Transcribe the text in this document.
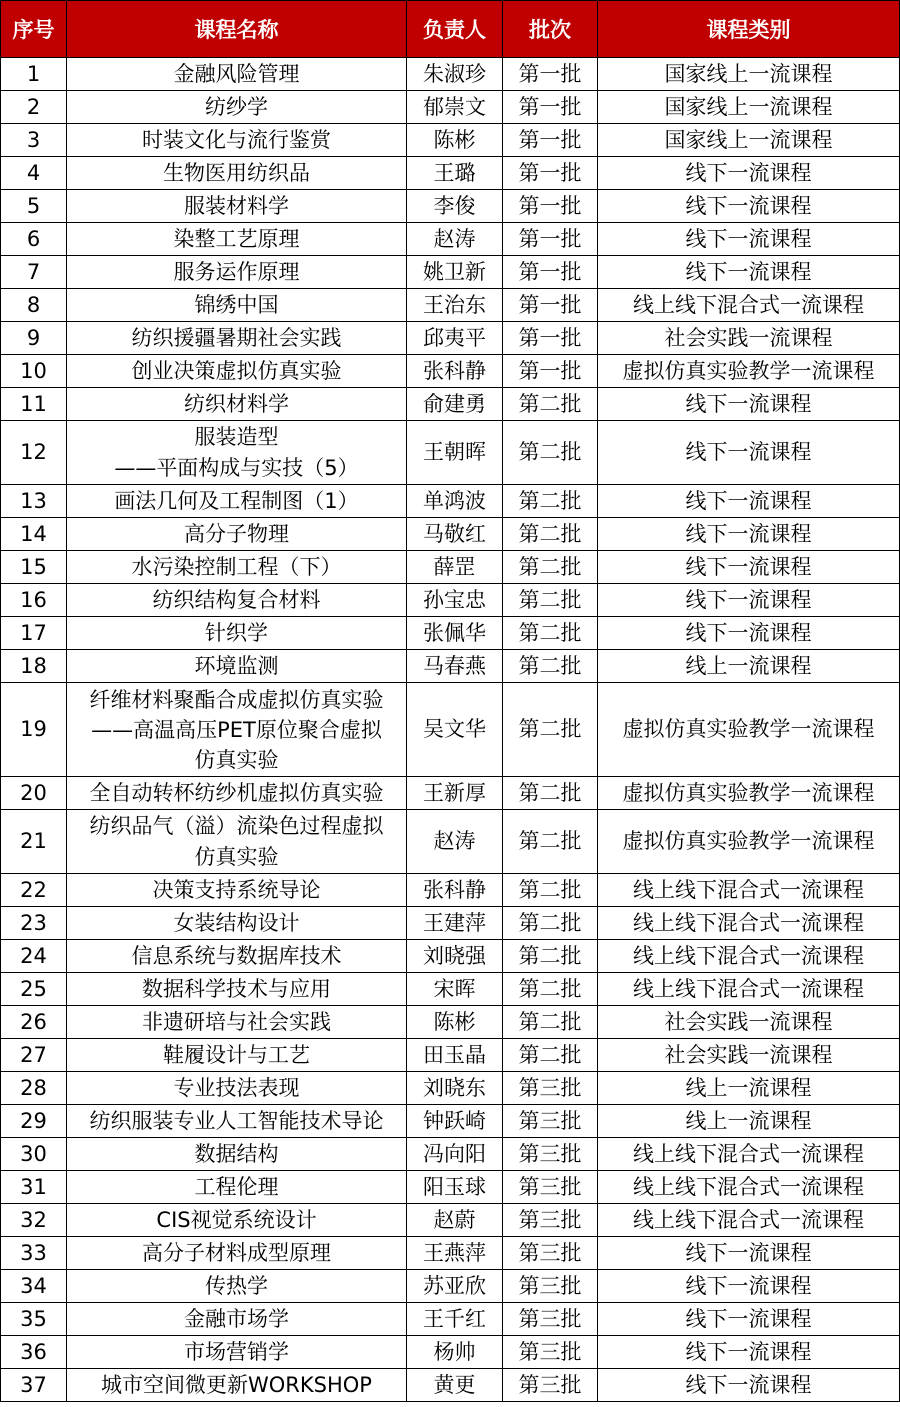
序号	课程名称	负责人	批次	课程类别
1	金融风险管理	朱淑珍	第一批	国家线上一流课程
2	纺纱学	郁崇文	第一批	国家线上一流课程
3	时装文化与流行鉴赏	陈彬	第一批	国家线上一流课程
4	生物医用纺织品	王璐	第一批	线下一流课程
5	服装材料学	李俊	第一批	线下一流课程
6	染整工艺原理	赵涛	第一批	线下一流课程
7	服务运作原理	姚卫新	第一批	线下一流课程
8	锦绣中国	王治东	第一批	线上线下混合式一流课程
9	纺织援疆暑期社会实践	邱夷平	第一批	社会实践一流课程
10	创业决策虚拟仿真实验	张科静	第一批	虚拟仿真实验教学一流课程
11	纺织材料学	俞建勇	第二批	线下一流课程
12	服装造型
——平面构成与实技（5）	王朝晖	第二批	线下一流课程
13	画法几何及工程制图（1）	单鸿波	第二批	线下一流课程
14	高分子物理	马敬红	第二批	线下一流课程
15	水污染控制工程（下）	薛罡	第二批	线下一流课程
16	纺织结构复合材料	孙宝忠	第二批	线下一流课程
17	针织学	张佩华	第二批	线下一流课程
18	环境监测	马春燕	第二批	线上一流课程
19	纤维材料聚酯合成虚拟仿真实验
——高温高压PET原位聚合虚拟
仿真实验	吴文华	第二批	虚拟仿真实验教学一流课程
20	全自动转杯纺纱机虚拟仿真实验	王新厚	第二批	虚拟仿真实验教学一流课程
21	纺织品气（溢）流染色过程虚拟
仿真实验	赵涛	第二批	虚拟仿真实验教学一流课程
22	决策支持系统导论	张科静	第二批	线上线下混合式一流课程
23	女装结构设计	王建萍	第二批	线上线下混合式一流课程
24	信息系统与数据库技术	刘晓强	第二批	线上线下混合式一流课程
25	数据科学技术与应用	宋晖	第二批	线上线下混合式一流课程
26	非遗研培与社会实践	陈彬	第二批	社会实践一流课程
27	鞋履设计与工艺	田玉晶	第二批	社会实践一流课程
28	专业技法表现	刘晓东	第三批	线上一流课程
29	纺织服装专业人工智能技术导论	钟跃崎	第三批	线上一流课程
30	数据结构	冯向阳	第三批	线上线下混合式一流课程
31	工程伦理	阳玉球	第三批	线上线下混合式一流课程
32	CIS视觉系统设计	赵蔚	第三批	线上线下混合式一流课程
33	高分子材料成型原理	王燕萍	第三批	线下一流课程
34	传热学	苏亚欣	第三批	线下一流课程
35	金融市场学	王千红	第三批	线下一流课程
36	市场营销学	杨帅	第三批	线下一流课程
37	城市空间微更新WORKSHOP	黄更	第三批	线下一流课程
